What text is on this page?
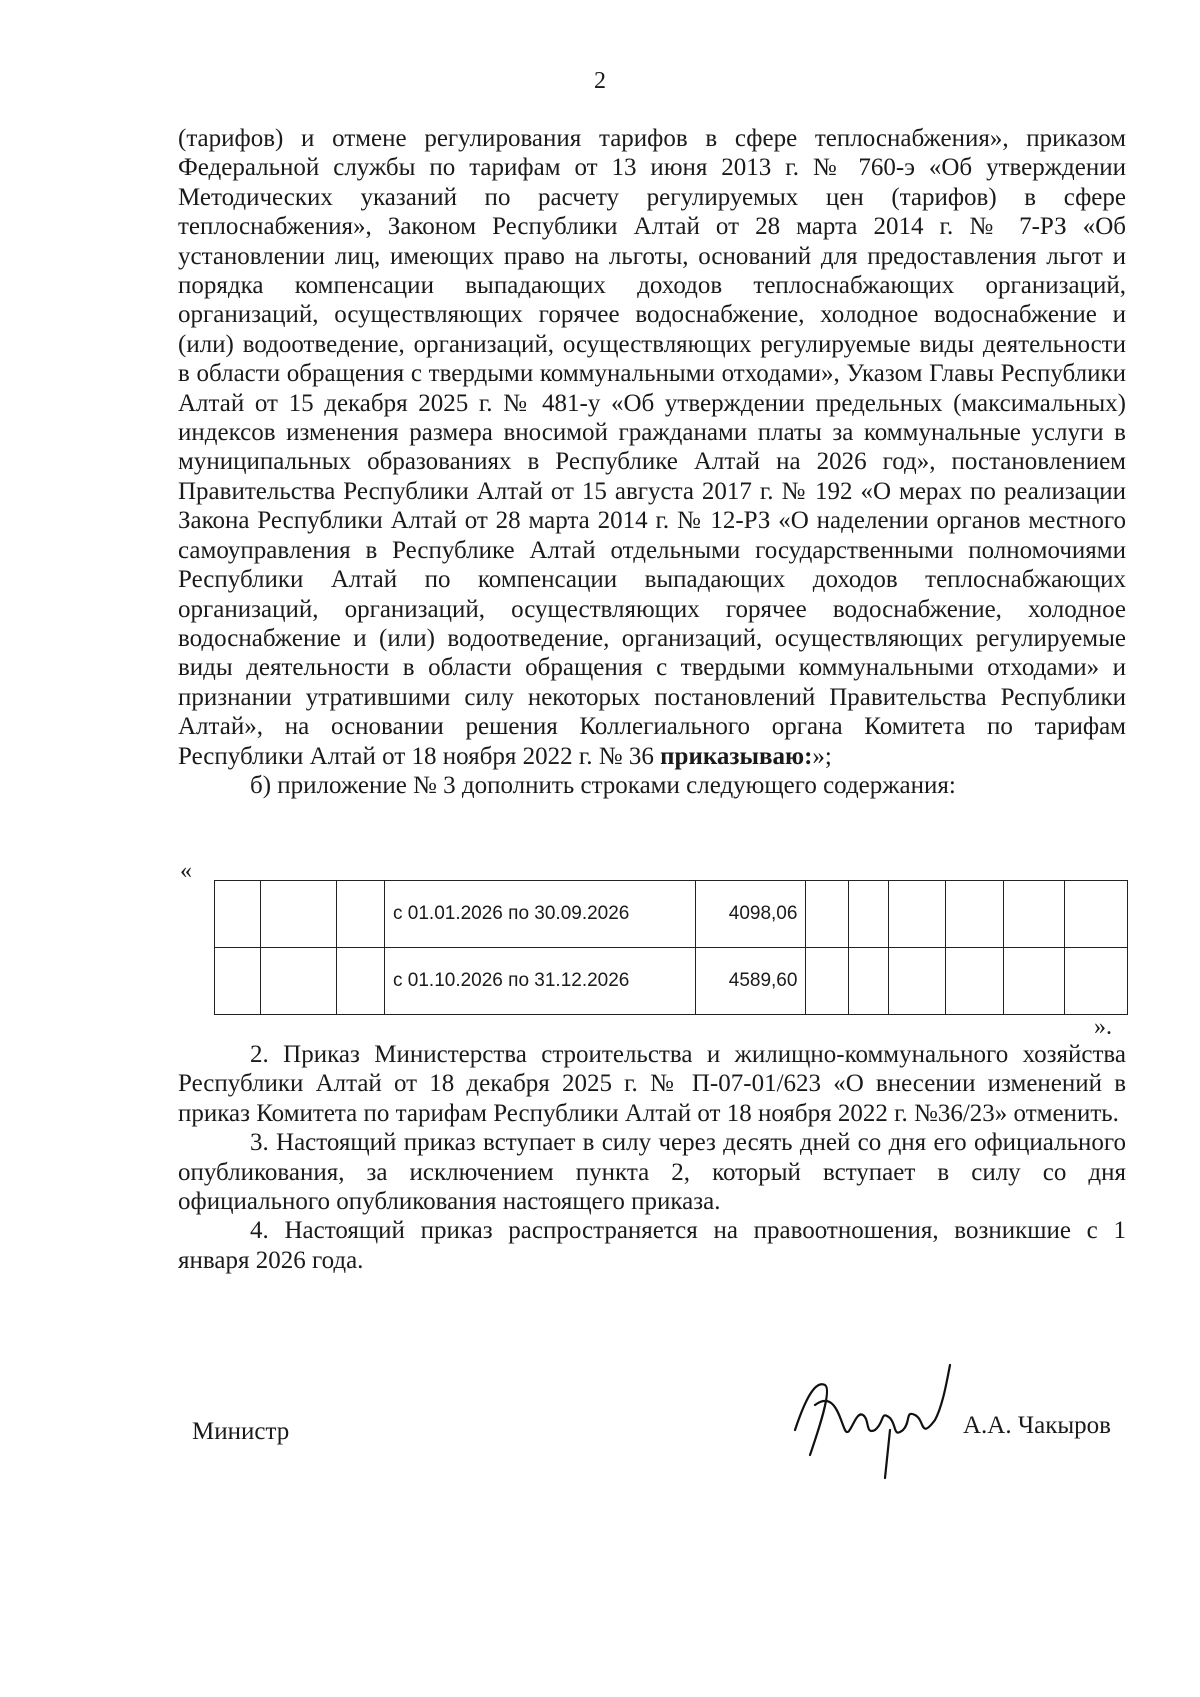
2

(тарифов) и отмене регулирования тарифов в сфере теплоснабжения», приказом Федеральной службы по тарифам от 13 июня 2013 г. № 760-э «Об утверждении Методических указаний по расчету регулируемых цен (тарифов) в сфере теплоснабжения», Законом Республики Алтай от 28 марта 2014 г. № 7-РЗ «Об установлении лиц, имеющих право на льготы, оснований для предоставления льгот и порядка компенсации выпадающих доходов теплоснабжающих организаций, организаций, осуществляющих горячее водоснабжение, холодное водоснабжение и (или) водоотведение, организаций, осуществляющих регулируемые виды деятельности в области обращения с твердыми коммунальными отходами», Указом Главы Республики Алтай от 15 декабря 2025 г. № 481-у «Об утверждении предельных (максимальных) индексов изменения размера вносимой гражданами платы за коммунальные услуги в муниципальных образованиях в Республике Алтай на 2026 год», постановлением Правительства Республики Алтай от 15 августа 2017 г. № 192 «О мерах по реализации Закона Республики Алтай от 28 марта 2014 г. № 12-РЗ «О наделении органов местного самоуправления в Республике Алтай отдельными государственными полномочиями Республики Алтай по компенсации выпадающих доходов теплоснабжающих организаций, организаций, осуществляющих горячее водоснабжение, холодное водоснабжение и (или) водоотведение, организаций, осуществляющих регулируемые виды деятельности в области обращения с твердыми коммунальными отходами» и признании утратившими силу некоторых постановлений Правительства Республики Алтай», на основании решения Коллегиального органа Комитета по тарифам Республики Алтай от 18 ноября 2022 г. № 36 приказываю:»;

б) приложение № 3 дополнить строками следующего содержания:

«
			с 01.01.2026 по 30.09.2026	4098,06						
			с 01.10.2026 по 31.12.2026	4589,60						
».

2. Приказ Министерства строительства и жилищно-коммунального хозяйства Республики Алтай от 18 декабря 2025 г. № П-07-01/623 «О внесении изменений в приказ Комитета по тарифам Республики Алтай от 18 ноября 2022 г. №36/23» отменить.

3. Настоящий приказ вступает в силу через десять дней со дня его официального опубликования, за исключением пункта 2, который вступает в силу со дня официального опубликования настоящего приказа.

4. Настоящий приказ распространяется на правоотношения, возникшие с 1 января 2026 года.

Министр	А.А. Чакыров
